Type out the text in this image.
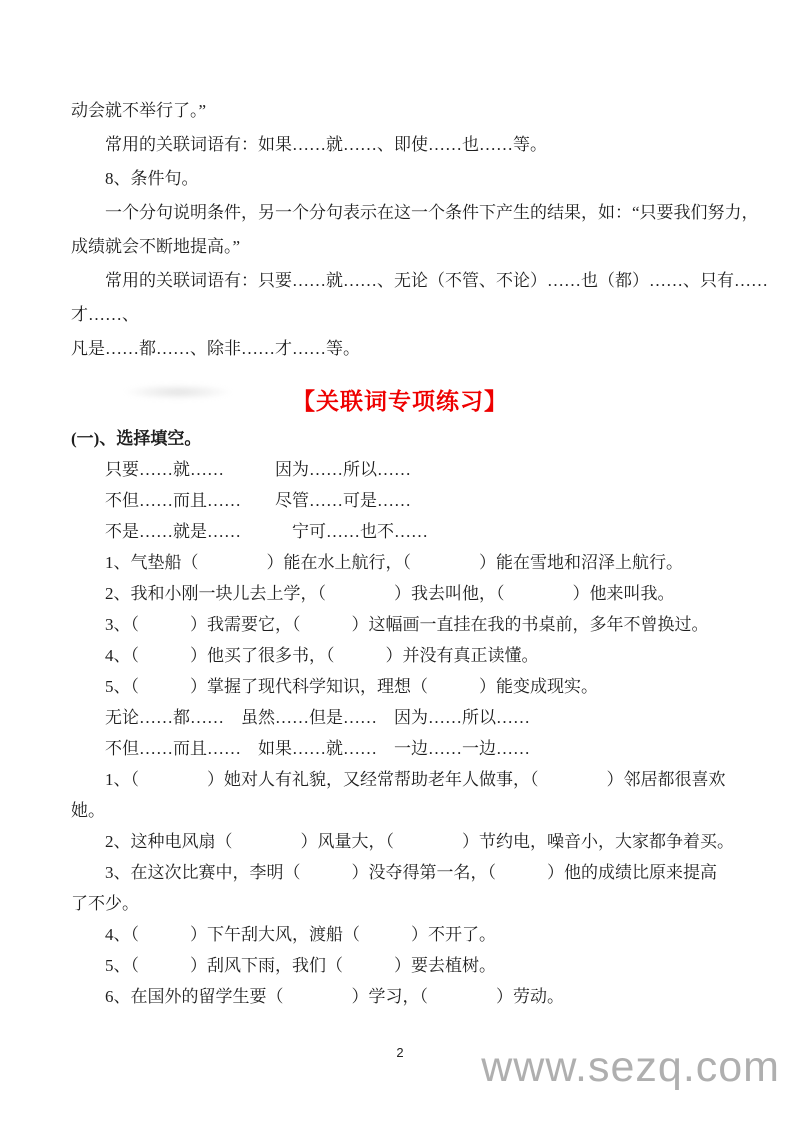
动会就不举行了。”

常用的关联词语有：如果……就……、即使……也……等。

8、条件句。

一个分句说明条件，另一个分句表示在这一个条件下产生的结果，如：“只要我们努力，

成绩就会不断地提高。”

常用的关联词语有：只要……就……、无论（不管、不论）……也（都）……、只有……

才……、

凡是……都……、除非……才……等。

【关联词专项练习】

(一)、选择填空。

只要……就……　　　因为……所以……

不但……而且……　　尽管……可是……

不是……就是……　　　宁可……也不……

1、气垫船（　　　　）能在水上航行，（　　　　）能在雪地和沼泽上航行。

2、我和小刚一块儿去上学，（　　　　）我去叫他，（　　　　）他来叫我。

3、（　　　）我需要它，（　　　）这幅画一直挂在我的书桌前，多年不曾换过。

4、（　　　）他买了很多书，（　　　）并没有真正读懂。

5、（　　　）掌握了现代科学知识，理想（　　　）能变成现实。

无论……都……　虽然……但是……　因为……所以……

不但……而且……　如果……就……　一边……一边……

1、（　　　　）她对人有礼貌，又经常帮助老年人做事，（　　　　）邻居都很喜欢

她。

2、这种电风扇（　　　　）风量大，（　　　　）节约电，噪音小，大家都争着买。

3、在这次比赛中，李明（　　　）没夺得第一名，（　　　）他的成绩比原来提高

了不少。

4、（　　　）下午刮大风，渡船（　　　）不开了。

5、（　　　）刮风下雨，我们（　　　）要去植树。

6、在国外的留学生要（　　　　）学习，（　　　　）劳动。

2	www.sezq.com
